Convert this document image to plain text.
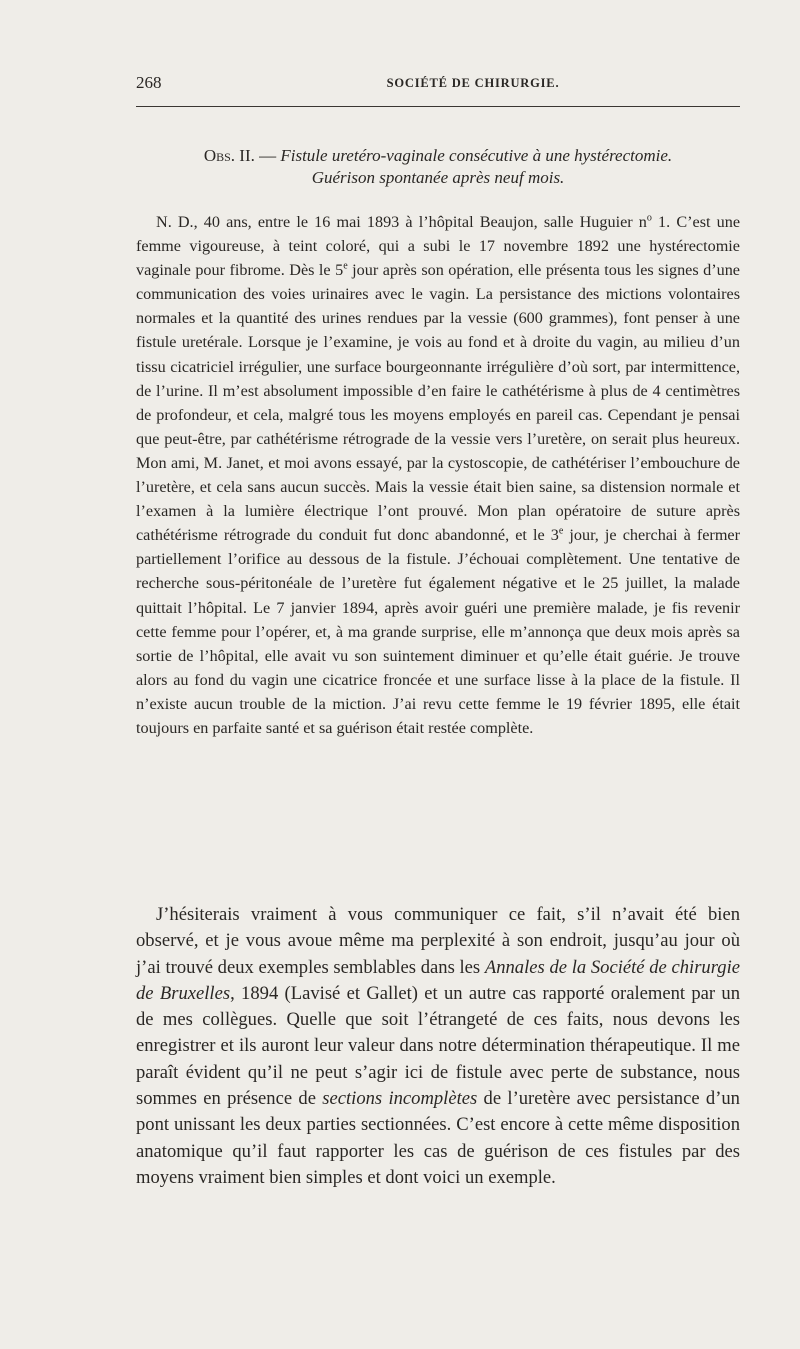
268	SOCIÉTÉ DE CHIRURGIE.
Obs. II. — Fistule uretéro-vaginale consécutive à une hystérectomie.
Guérison spontanée après neuf mois.

N. D., 40 ans, entre le 16 mai 1893 à l’hôpital Beaujon, salle Huguier $n^o$ 1. C’est une femme vigoureuse, à teint coloré, qui a subi le 17 novembre 1892 une hystérectomie vaginale pour fibrome. Dès le 5e jour après son opération, elle présenta tous les signes d’une communication des voies urinaires avec le vagin. La persistance des mictions volontaires normales et la quantité des urines rendues par la vessie (600 grammes), font penser à une fistule uretérale. Lorsque je l’examine, je vois au fond et à droite du vagin, au milieu d’un tissu cicatriciel irrégulier, une surface bourgeonnante irrégulière d’où sort, par intermittence, de l’urine. Il m’est absolument impossible d’en faire le cathétérisme à plus de 4 centimètres de profondeur, et cela, malgré tous les moyens employés en pareil cas. Cependant je pensai que peut-être, par cathétérisme rétrograde de la vessie vers l’uretère, on serait plus heureux. Mon ami, M. Janet, et moi avons essayé, par la cystoscopie, de cathétériser l’embouchure de l’uretère, et cela sans aucun succès. Mais la vessie était bien saine, sa distension normale et l’examen à la lumière électrique l’ont prouvé. Mon plan opératoire de suture après cathétérisme rétrograde du conduit fut donc abandonné, et le 3e jour, je cherchai à fermer partiellement l’orifice au dessous de la fistule. J’échouai complètement. Une tentative de recherche sous-péritonéale de l’uretère fut également négative et le 25 juillet, la malade quittait l’hôpital. Le 7 janvier 1894, après avoir guéri une première malade, je fis revenir cette femme pour l’opérer, et, à ma grande surprise, elle m’annonça que deux mois après sa sortie de l’hôpital, elle avait vu son suintement diminuer et qu’elle était guérie. Je trouve alors au fond du vagin une cicatrice froncée et une surface lisse à la place de la fistule. Il n’existe aucun trouble de la miction. J’ai revu cette femme le 19 février 1895, elle était toujours en parfaite santé et sa guérison était restée complète.

J’hésiterais vraiment à vous communiquer ce fait, s’il n’avait été bien observé, et je vous avoue même ma perplexité à son endroit, jusqu’au jour où j’ai trouvé deux exemples semblables dans les Annales de la Société de chirurgie de Bruxelles, 1894 (Lavisé et Gallet) et un autre cas rapporté oralement par un de mes collègues. Quelle que soit l’étrangeté de ces faits, nous devons les enregistrer et ils auront leur valeur dans notre détermination thérapeutique. Il me paraît évident qu’il ne peut s’agir ici de fistule avec perte de substance, nous sommes en présence de sections incomplètes de l’uretère avec persistance d’un pont unissant les deux parties sectionnées. C’est encore à cette même disposition anatomique qu’il faut rapporter les cas de guérison de ces fistules par des moyens vraiment bien simples et dont voici un exemple.
